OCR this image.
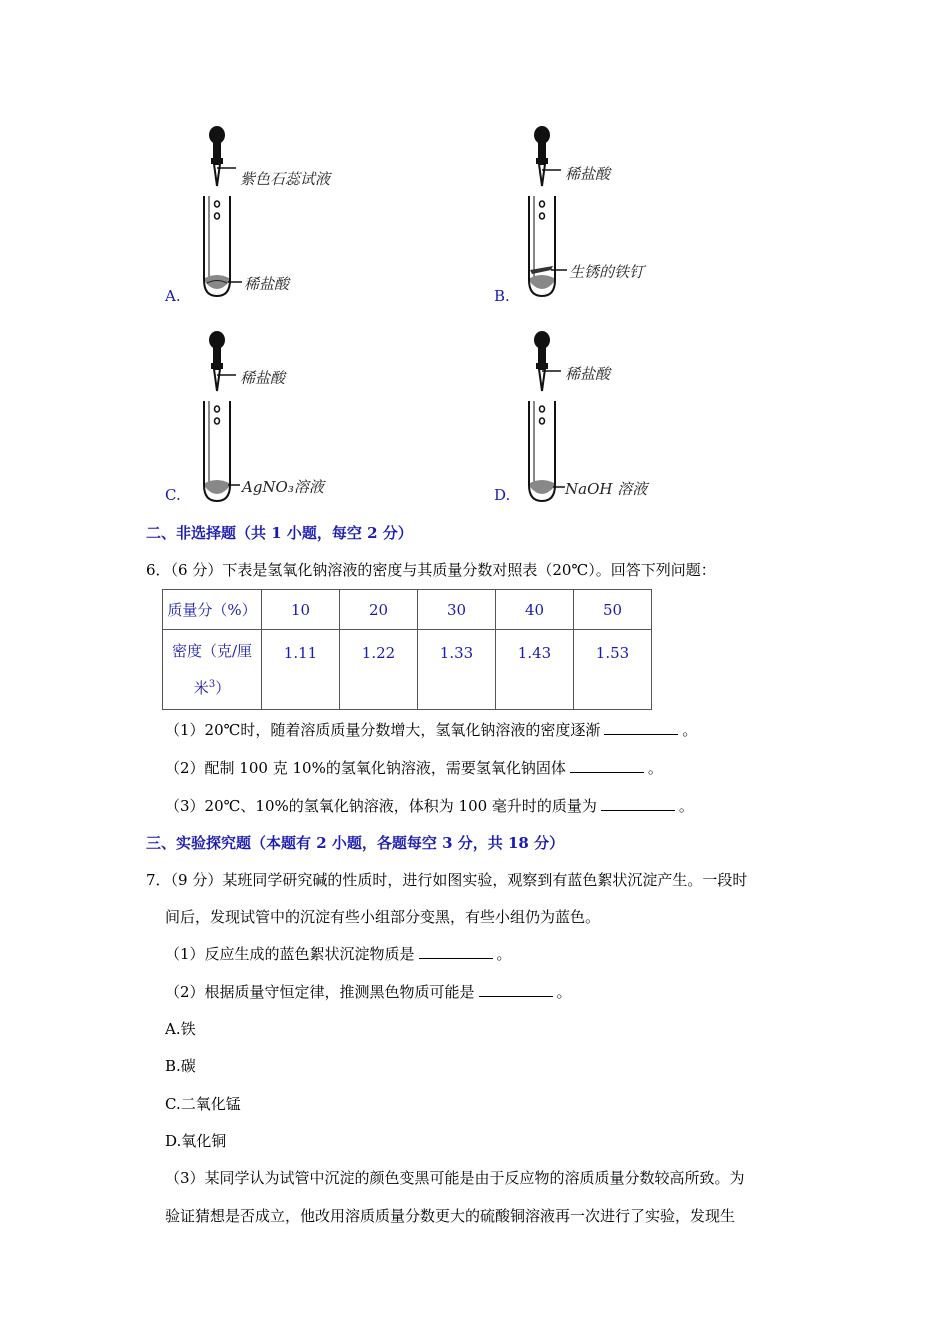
紫色石蕊试液
稀盐酸
A.
稀盐酸
生锈的铁钉
B.
稀盐酸
AgNO₃溶液
C.
稀盐酸
NaOH 溶液
D.
二、非选择题（共 1 小题，每空 2 分）
6．（6 分）下表是氢氧化钠溶液的密度与其质量分数对照表（20℃）。回答下列问题：
质量分（%）	10	20	30	40	50
密度（克/厘
米$^3$）	1.11	1.22	1.33	1.43	1.53
（1）20℃时，随着溶质质量分数增大，氢氧化钠溶液的密度逐渐	。
（2）配制 100 克 10%的氢氧化钠溶液，需要氢氧化钠固体	。
（3）20℃、10%的氢氧化钠溶液，体积为 100 毫升时的质量为	。
三、实验探究题（本题有 2 小题，各题每空 3 分，共 18 分）
7．（9 分）某班同学研究碱的性质时，进行如图实验，观察到有蓝色絮状沉淀产生。一段时
间后，发现试管中的沉淀有些小组部分变黑，有些小组仍为蓝色。
（1）反应生成的蓝色絮状沉淀物质是	。
（2）根据质量守恒定律，推测黑色物质可能是	。
A.铁
B.碳
C.二氧化锰
D.氧化铜
（3）某同学认为试管中沉淀的颜色变黑可能是由于反应物的溶质质量分数较高所致。为
验证猜想是否成立，他改用溶质质量分数更大的硫酸铜溶液再一次进行了实验，发现生
